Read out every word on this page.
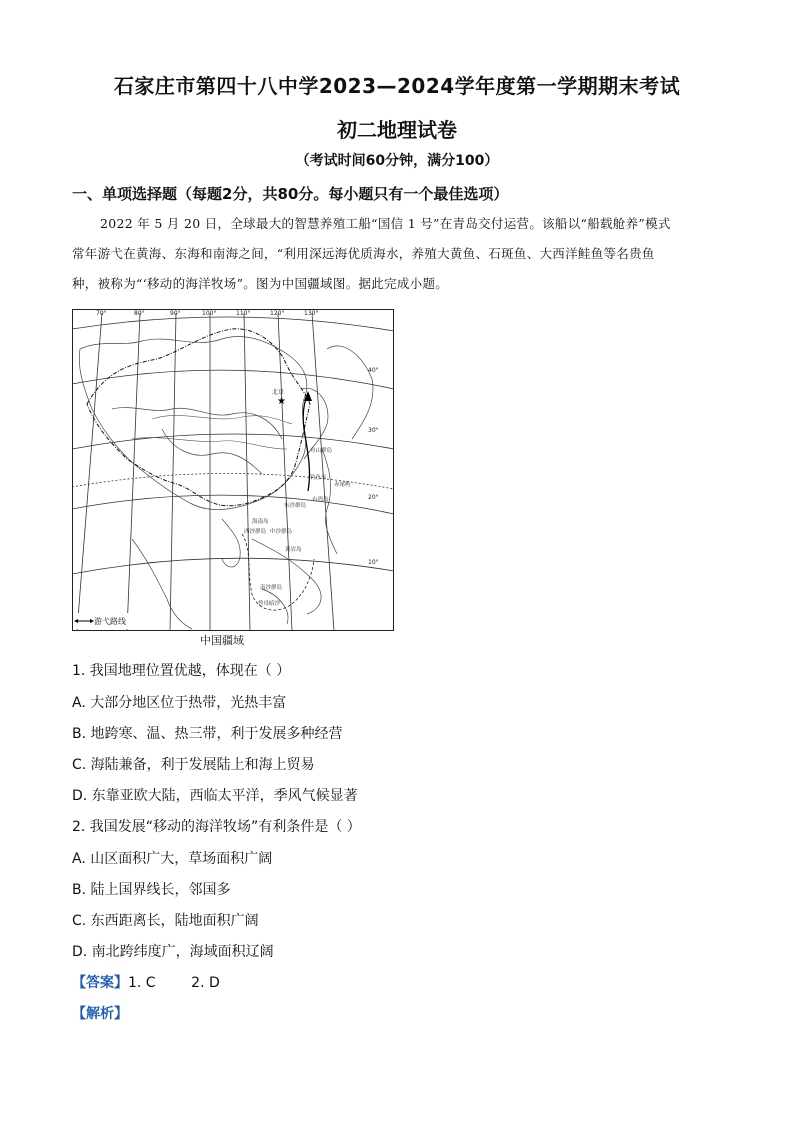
石家庄市第四十八中学2023—2024学年度第一学期期末考试
初二地理试卷
（考试时间60分钟，满分100）
一、单项选择题（每题2分，共80分。每小题只有一个最佳选项）
2022 年 5 月 20 日，全球最大的智慧养殖工船“国信 1 号”在青岛交付运营。该船以“船载舱养”模式
常年游弋在黄海、东海和南海之间，“利用深远海优质海水，养殖大黄鱼、石斑鱼、大西洋鲑鱼等名贵鱼
种，被称为“‘移动的海洋牧场”。图为中国疆域图。据此完成小题。
★
70°	80°	90°	100°	110°	120°	130°
40°
30°
20°
10°
北京
舟山群岛
钓鱼岛
赤尾屿
台湾岛
东沙群岛
海南岛
西沙群岛 中沙群岛
黄岩岛
南沙群岛
曾母暗沙
游弋路线
中国疆域
1. 我国地理位置优越，体现在（ ）
A. 大部分地区位于热带，光热丰富
B. 地跨寒、温、热三带，利于发展多种经营
C. 海陆兼备，利于发展陆上和海上贸易
D. 东靠亚欧大陆，西临太平洋，季风气候显著
2. 我国发展“移动的海洋牧场”有利条件是（ ）
A. 山区面积广大，草场面积广阔
B. 陆上国界线长，邻国多
C. 东西距离长，陆地面积广阔
D. 南北跨纬度广，海域面积辽阔
【答案】1. C        2. D
【解析】
